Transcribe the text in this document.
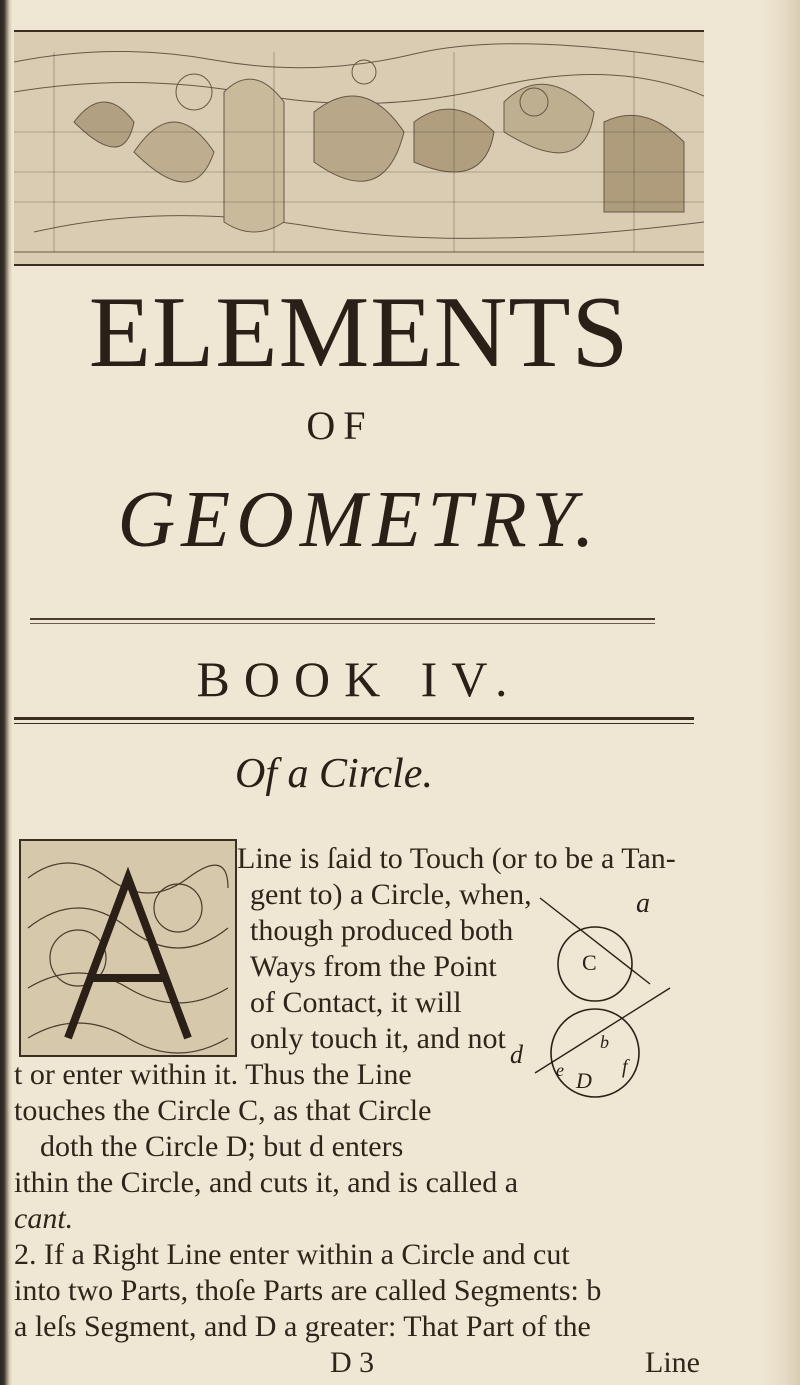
ELEMENTS
OF
GEOMETRY.
BOOK IV.
Of a Circle.
Line is ſaid to Touch (or to be a Tan-
gent to) a Circle, when,
though produced both
Ways from the Point
of Contact, it will
only touch it, and not
t or enter within it. Thus the Line
touches the Circle C, as that Circle
doth the Circle D; but d enters
ithin the Circle, and cuts it, and is called a
cant.
2. If a Right Line enter within a Circle and cut
into two Parts, thoſe Parts are called Segments: b
a leſs Segment, and D a greater: That Part of the
D 3	Line
a
C
d	b
e D
f
